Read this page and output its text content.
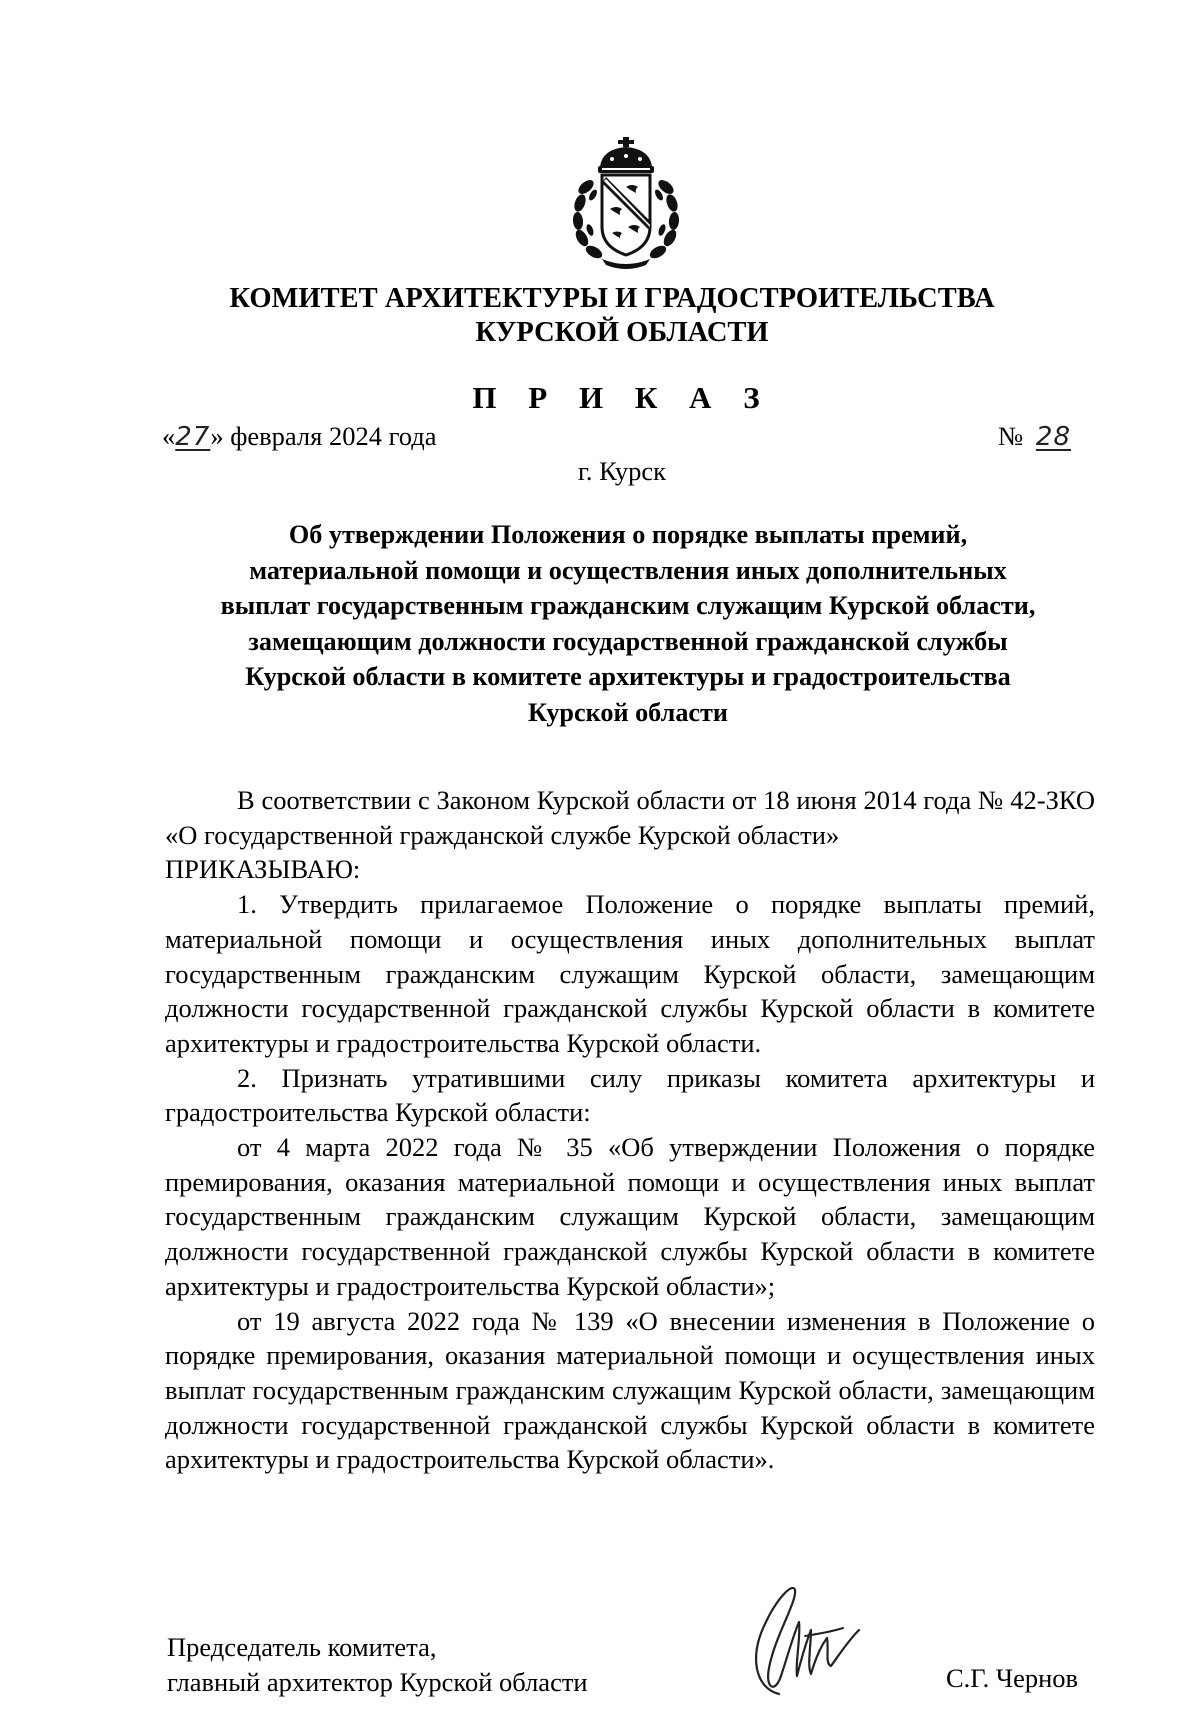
КОМИТЕТ АРХИТЕКТУРЫ И ГРАДОСТРОИТЕЛЬСТВА
КУРСКОЙ ОБЛАСТИ
П Р И К А З
«27» февраля 2024 года	№ 28
г. Курск
Об утверждении Положения о порядке выплаты премий,
материальной помощи и осуществления иных дополнительных
выплат государственным гражданским служащим Курской области,
замещающим должности государственной гражданской службы
Курской области в комитете архитектуры и градостроительства
Курской области

В соответствии с Законом Курской области от 18 июня 2014 года № 42-ЗКО «О государственной гражданской службе Курской области»

ПРИКАЗЫВАЮ:

1. Утвердить прилагаемое Положение о порядке выплаты премий, материальной помощи и осуществления иных дополнительных выплат государственным гражданским служащим Курской области, замещающим должности государственной гражданской службы Курской области в комитете архитектуры и градостроительства Курской области.

2. Признать утратившими силу приказы комитета архитектуры и градостроительства Курской области:

от 4 марта 2022 года № 35 «Об утверждении Положения о порядке премирования, оказания материальной помощи и осуществления иных выплат государственным гражданским служащим Курской области, замещающим должности государственной гражданской службы Курской области в комитете архитектуры и градостроительства Курской области»;

от 19 августа 2022 года № 139 «О внесении изменения в Положение о порядке премирования, оказания материальной помощи и осуществления иных выплат государственным гражданским служащим Курской области, замещающим должности государственной гражданской службы Курской области в комитете архитектуры и градостроительства Курской области».

Председатель комитета,
главный архитектор Курской области	С.Г. Чернов
